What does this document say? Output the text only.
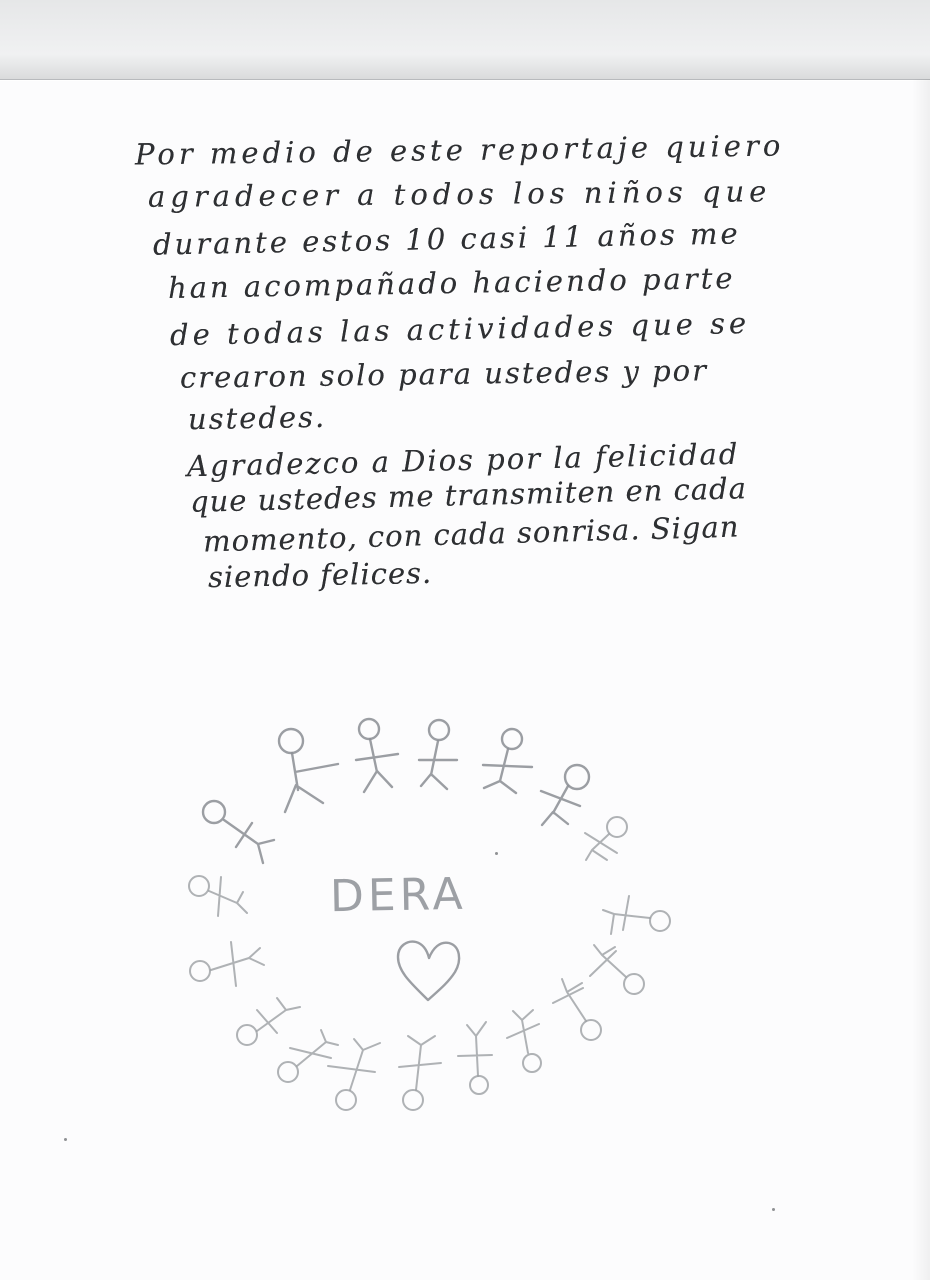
Por medio de este reportaje quiero
agradecer a todos los niños que
durante estos 10 casi 11 años me
han acompañado haciendo parte
de todas las actividades que se
crearon solo para ustedes y por
ustedes.
Agradezco a Dios por la felicidad
que ustedes me transmiten en cada
momento, con cada sonrisa. Sigan
siendo felices.
DERA
